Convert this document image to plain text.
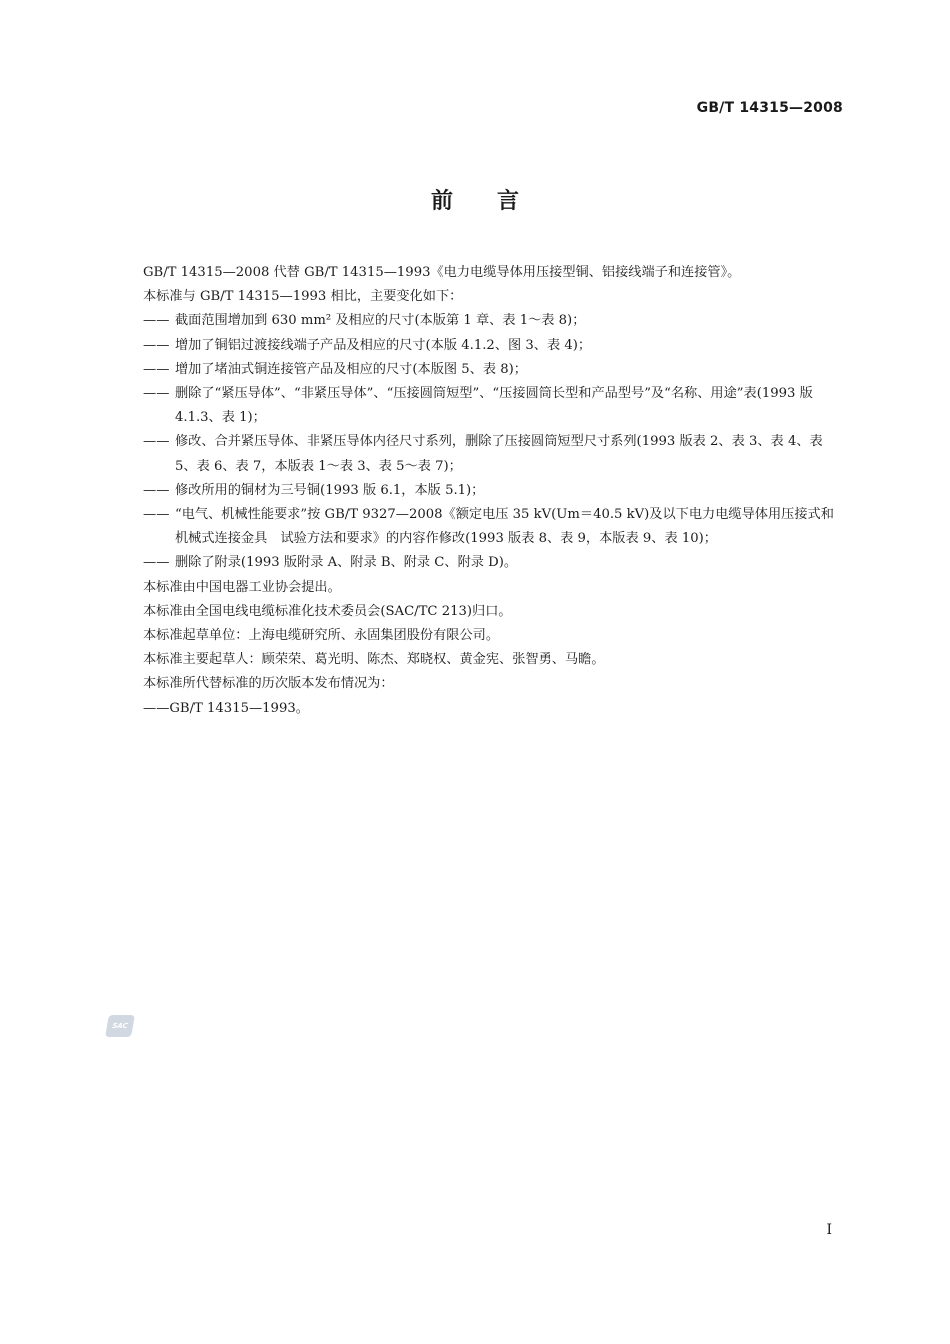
GB/T 14315—2008
前言

GB/T 14315—2008 代替 GB/T 14315—1993《电力电缆导体用压接型铜、铝接线端子和连接管》。

本标准与 GB/T 14315—1993 相比，主要变化如下：

—— 截面范围增加到 630 mm² 及相应的尺寸(本版第 1 章、表 1～表 8)；

—— 增加了铜铝过渡接线端子产品及相应的尺寸(本版 4.1.2、图 3、表 4)；

—— 增加了堵油式铜连接管产品及相应的尺寸(本版图 5、表 8)；

—— 删除了“紧压导体”、“非紧压导体”、“压接圆筒短型”、“压接圆筒长型和产品型号”及“名称、用途”表(1993 版 4.1.3、表 1)；

—— 修改、合并紧压导体、非紧压导体内径尺寸系列，删除了压接圆筒短型尺寸系列(1993 版表 2、表 3、表 4、表 5、表 6、表 7，本版表 1～表 3、表 5～表 7)；

—— 修改所用的铜材为三号铜(1993 版 6.1，本版 5.1)；

—— “电气、机械性能要求”按 GB/T 9327—2008《额定电压 35 kV(Um＝40.5 kV)及以下电力电缆导体用压接式和机械式连接金具　试验方法和要求》的内容作修改(1993 版表 8、表 9，本版表 9、表 10)；

—— 删除了附录(1993 版附录 A、附录 B、附录 C、附录 D)。

本标准由中国电器工业协会提出。

本标准由全国电线电缆标准化技术委员会(SAC/TC 213)归口。

本标准起草单位：上海电缆研究所、永固集团股份有限公司。

本标准主要起草人：顾荣荣、葛光明、陈杰、郑晓权、黄金宪、张智勇、马瞻。

本标准所代替标准的历次版本发布情况为：

——GB/T 14315—1993。

SAC
I
